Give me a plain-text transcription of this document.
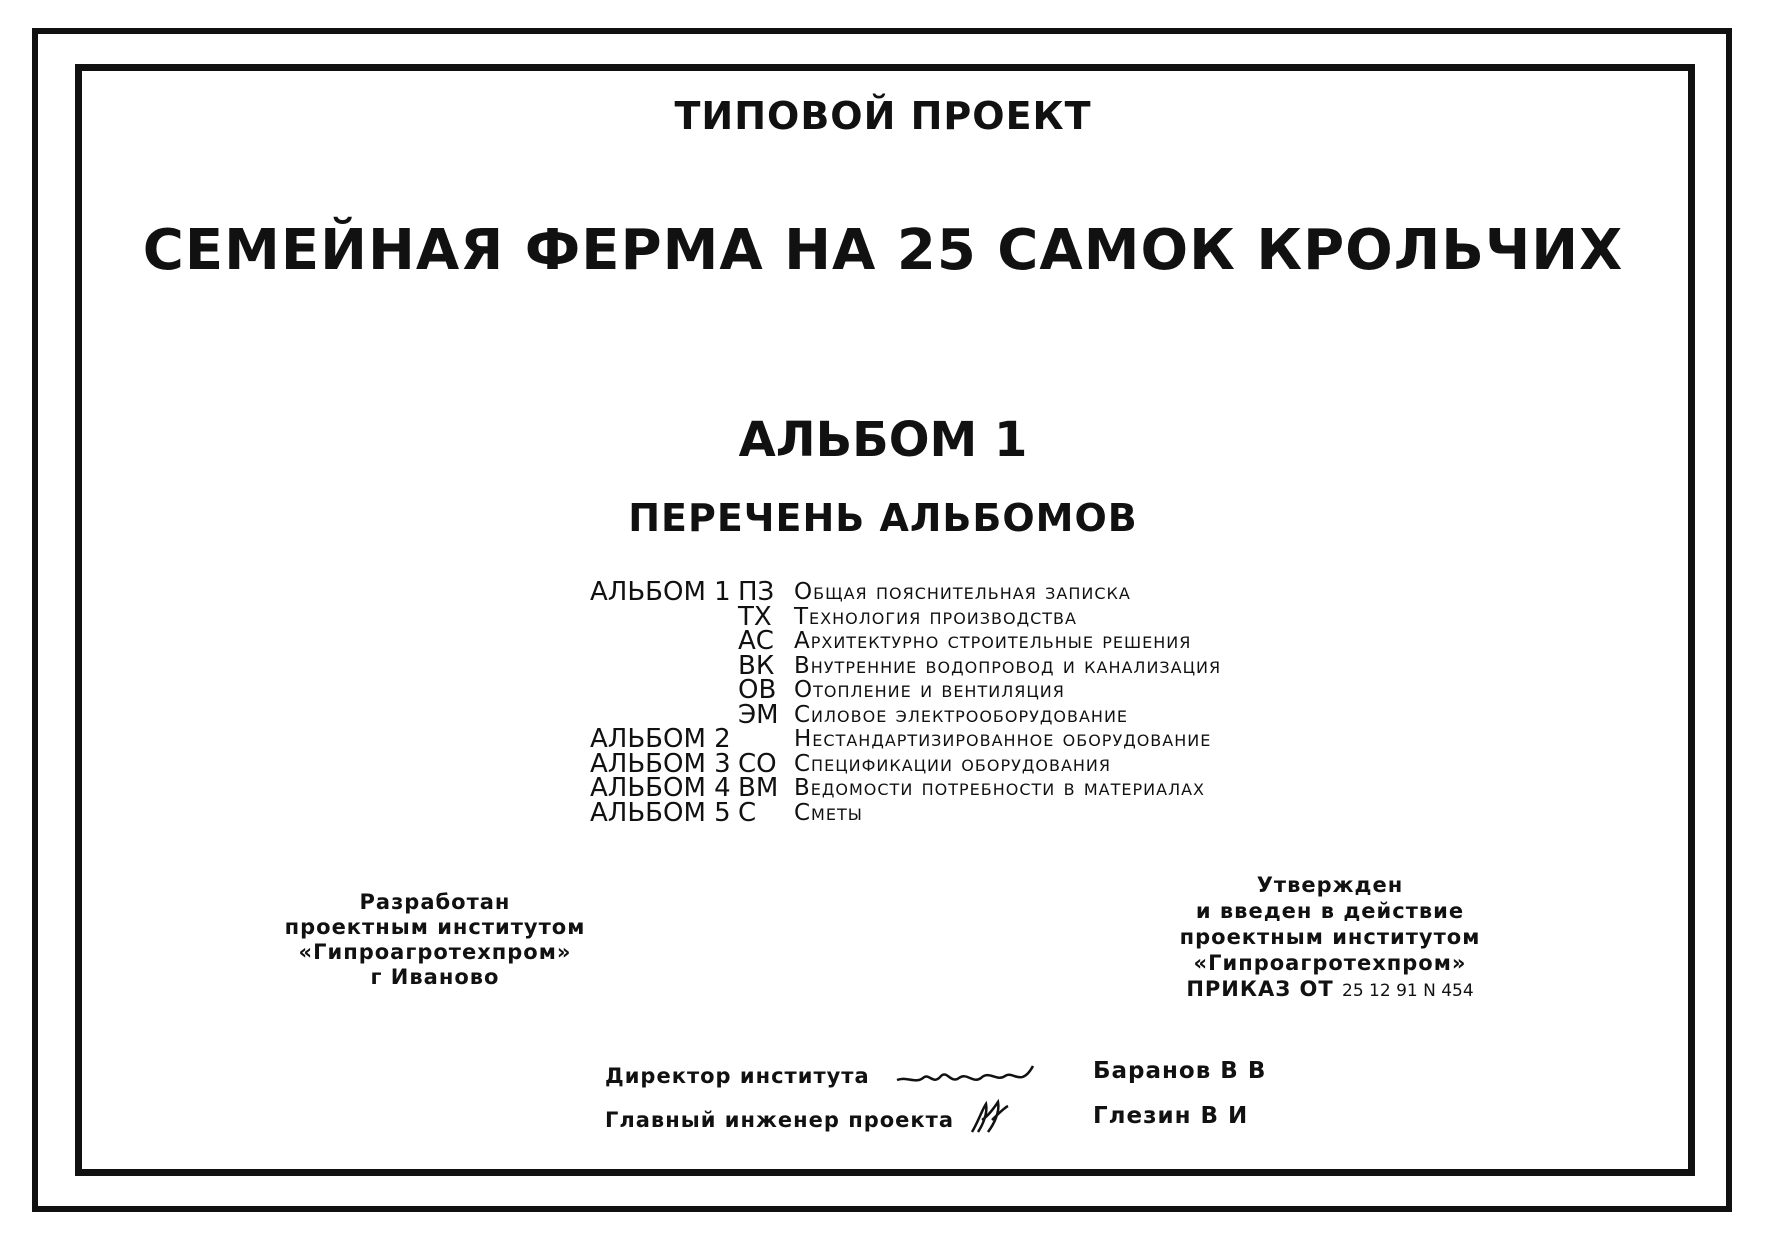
ТИПОВОЙ ПРОЕКТ
СЕМЕЙНАЯ ФЕРМА НА 25 САМОК КРОЛЬЧИХ
АЛЬБОМ 1
ПЕРЕЧЕНЬ АЛЬБОМОВ
АЛЬБОМ 1 ПЗ Общая пояснительная записка
ТХ Технология производства
АС Архитектурно строительные решения
ВК Внутренние водопровод и канализация
ОВ Отопление и вентиляция
ЭМ Силовое электрооборудование
АЛЬБОМ 2	Нестандартизированное оборудование
АЛЬБОМ 3 СО Спецификации оборудования
АЛЬБОМ 4 ВМ Ведомости потребности в материалах
АЛЬБОМ 5 С	Сметы
Разработан
проектным институтом
«Гипроагротехпром»
г Иваново
Утвержден
и введен в действие
проектным институтом
«Гипроагротехпром»
ПРИКАЗ ОТ 25 12 91 N 454
Директор института	Баранов В В
Главный инженер проекта	Глезин В И
